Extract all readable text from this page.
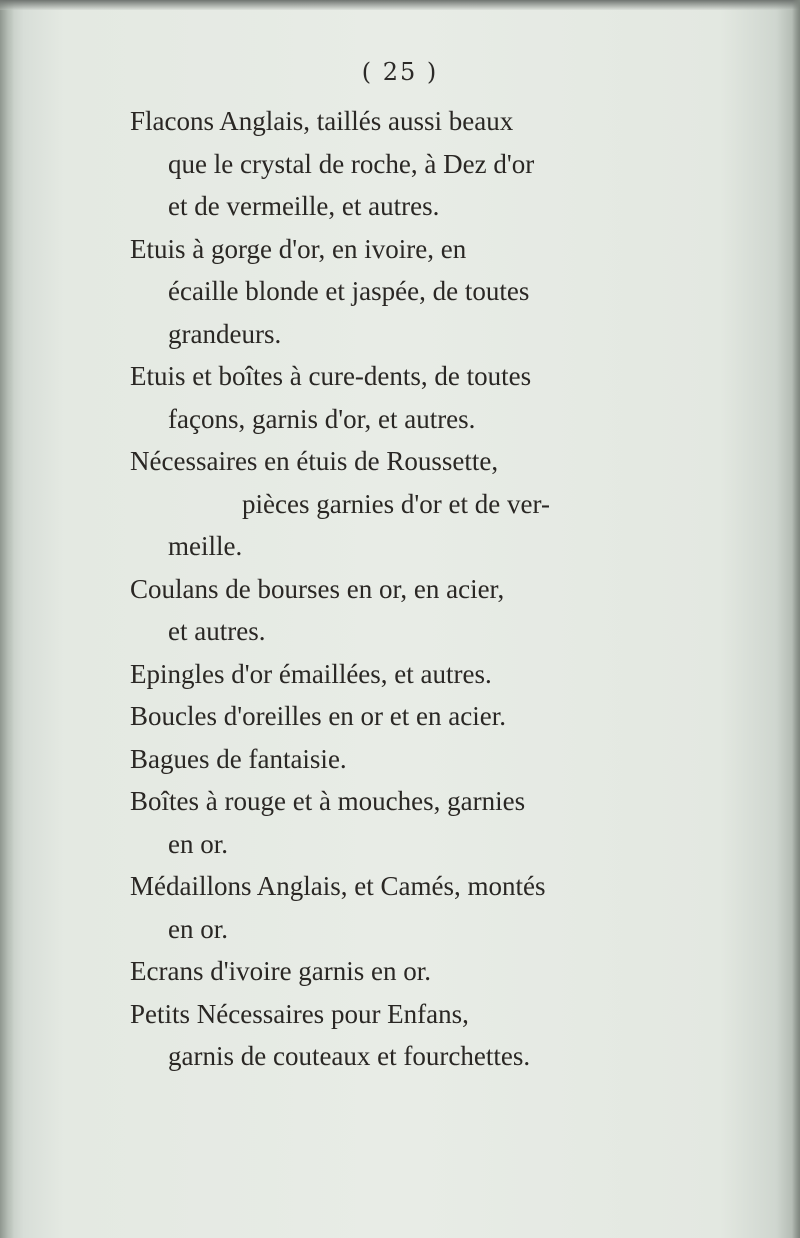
( 25 )
Flacons Anglais, taillés aussi beaux
que le crystal de roche, à Dez d'or
et de vermeille, et autres.
Etuis à gorge d'or, en ivoire, en
écaille blonde et jaspée, de toutes
grandeurs.
Etuis et boîtes à cure-dents, de toutes
façons, garnis d'or, et autres.
Nécessaires en étuis de Roussette,
pièces garnies d'or et de ver-
meille.
Coulans de bourses en or, en acier,
et autres.
Epingles d'or émaillées, et autres.
Boucles d'oreilles en or et en acier.
Bagues de fantaisie.
Boîtes à rouge et à mouches, garnies
en or.
Médaillons Anglais, et Camés, montés
en or.
Ecrans d'ivoire garnis en or.
Petits Nécessaires pour Enfans,
garnis de couteaux et fourchettes.
